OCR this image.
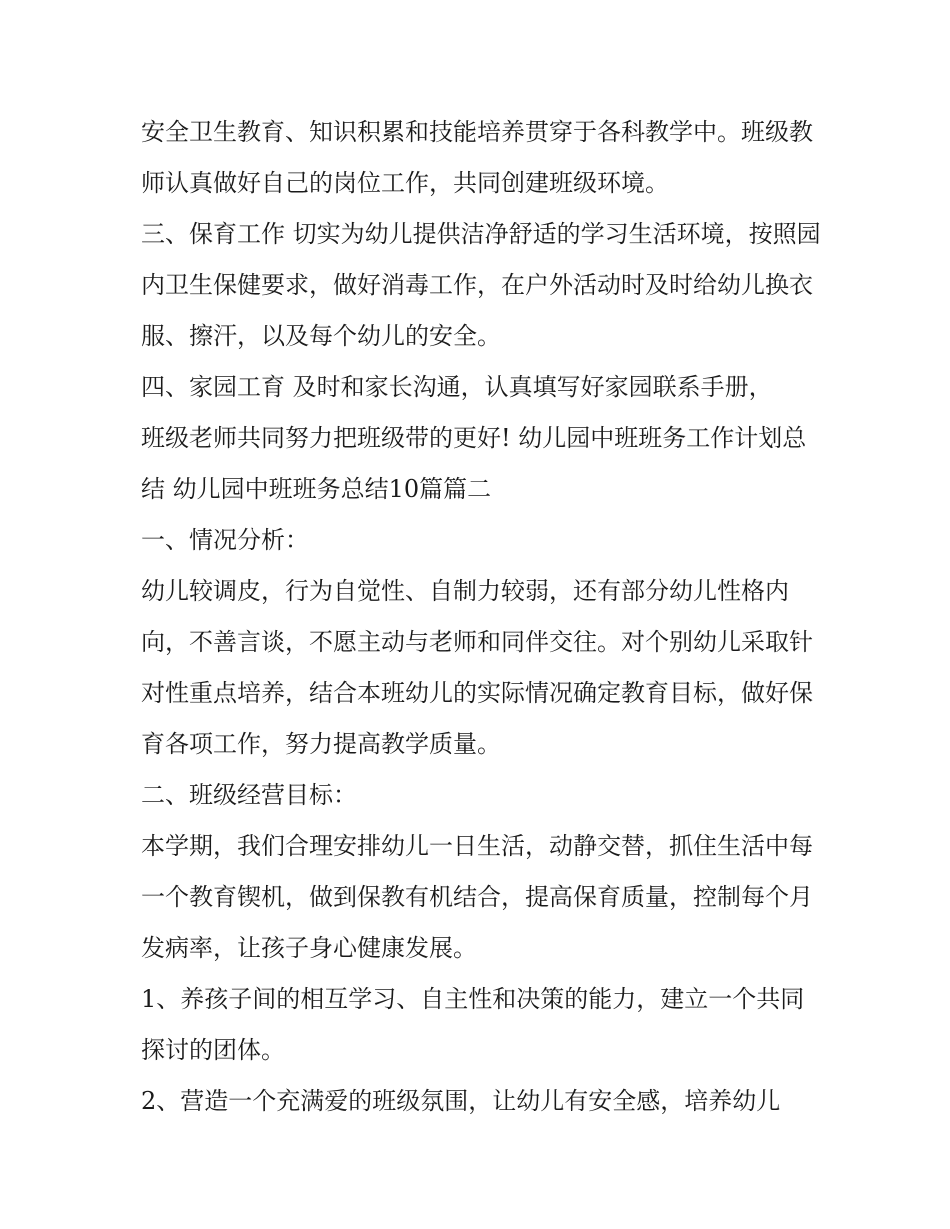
安全卫生教育、知识积累和技能培养贯穿于各科教学中。班级教师认真做好自己的岗位工作，共同创建班级环境。

三、保育工作 切实为幼儿提供洁净舒适的学习生活环境，按照园内卫生保健要求，做好消毒工作，在户外活动时及时给幼儿换衣服、擦汗，以及每个幼儿的安全。

四、家园工育 及时和家长沟通，认真填写好家园联系手册，

班级老师共同努力把班级带的更好! 幼儿园中班班务工作计划总结 幼儿园中班班务总结10篇篇二

一、情况分析：

幼儿较调皮，行为自觉性、自制力较弱，还有部分幼儿性格内向，不善言谈，不愿主动与老师和同伴交往。对个别幼儿采取针对性重点培养，结合本班幼儿的实际情况确定教育目标，做好保育各项工作，努力提高教学质量。

二、班级经营目标：

本学期，我们合理安排幼儿一日生活，动静交替，抓住生活中每一个教育锲机，做到保教有机结合，提高保育质量，控制每个月发病率，让孩子身心健康发展。

1、养孩子间的相互学习、自主性和决策的能力，建立一个共同探讨的团体。

2、营造一个充满爱的班级氛围，让幼儿有安全感，培养幼儿
